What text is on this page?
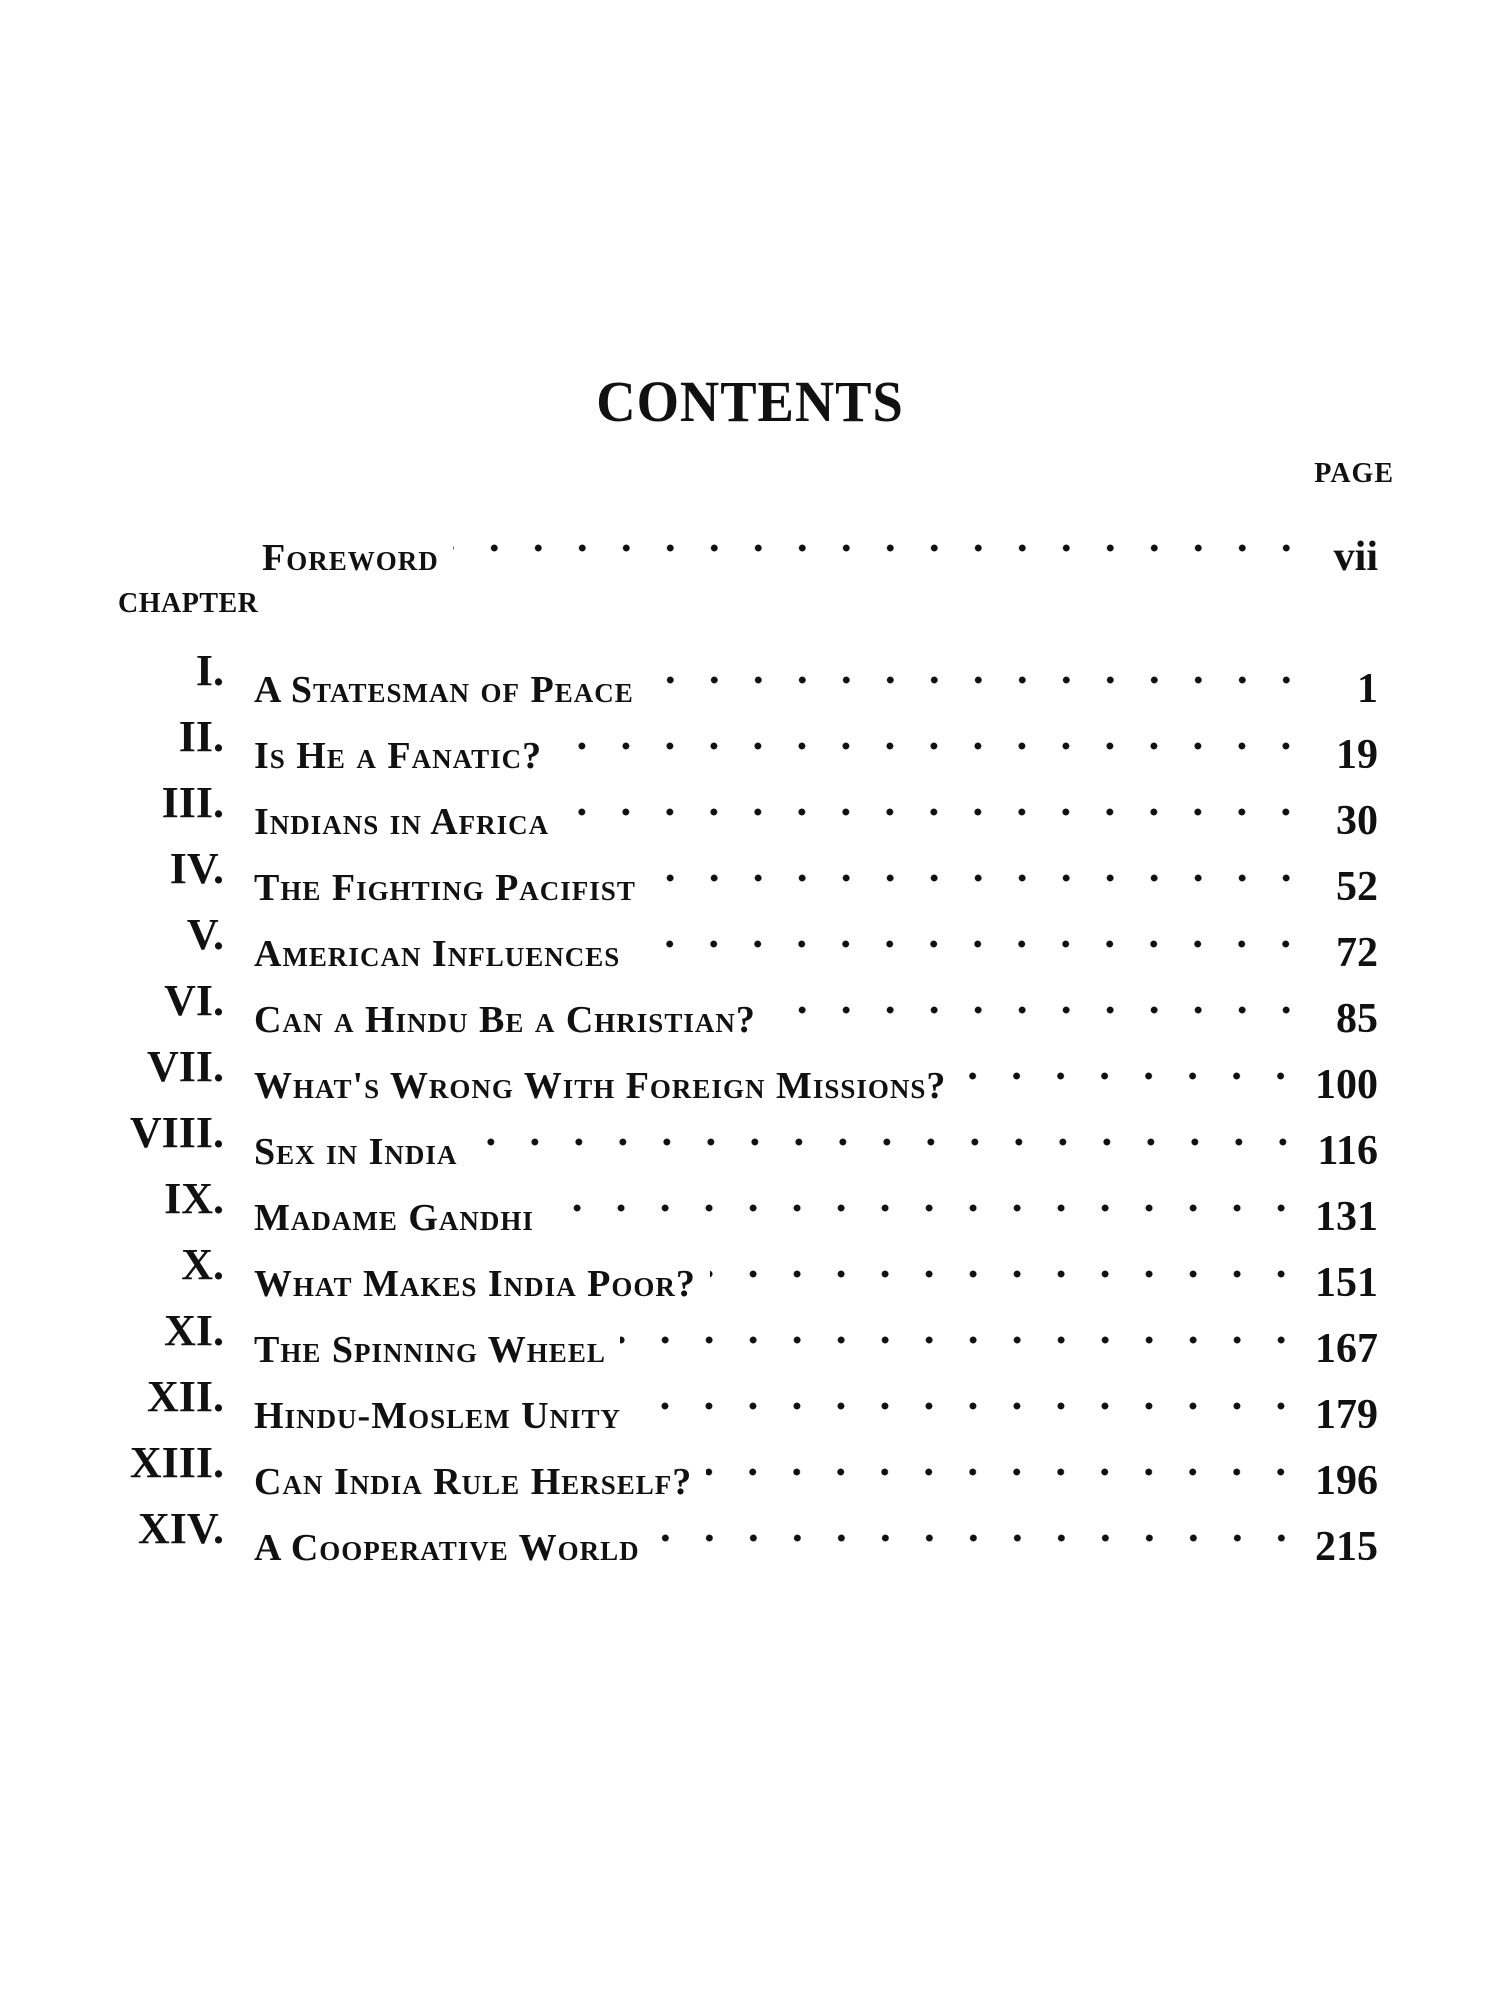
CONTENTS
PAGE
Foreword	vii
CHAPTER
I. A Statesman of Peace	1
II. Is He a Fanatic?	19
III. Indians in Africa	30
IV. The Fighting Pacifist	52
V. American Influences	72
VI. Can a Hindu Be a Christian?	85
VII. What's Wrong With Foreign Missions?	100
VIII. Sex in India	116
IX. Madame Gandhi	131
X. What Makes India Poor?	151
XI. The Spinning Wheel	167
XII. Hindu-Moslem Unity	179
XIII. Can India Rule Herself?	196
XIV. A Cooperative World	215
